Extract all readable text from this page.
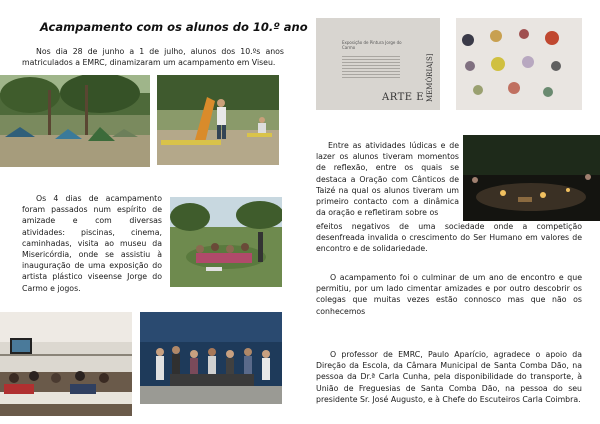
Acampamento com os alunos do 10.º ano
Nos dia 28 de junho a 1 de julho, alunos dos 10.ºs anos matriculados a EMRC, dinamizaram um acampamento em Viseu.
Exposição de Pintura Jorge do Carmo
ARTE E MEMÓRIA[S]
Entre as atividades lúdicas e de lazer os alunos tiveram momentos de reflexão, entre os quais se destaca a Oração com Cânticos de Taizé na qual os alunos tiveram um primeiro contacto com a dinâmica da oração e refletiram sobre os
efeitos negativos de uma sociedade onde a competição desenfreada invalida o crescimento do Ser Humano em valores de encontro e de solidariedade.
Os 4 dias de acampamento foram passados num espírito de amizade e com diversas atividades: piscinas, cinema, caminhadas, visita ao museu da Misericórdia, onde se assistiu à inauguração de uma exposição do artista plástico viseense Jorge do Carmo e jogos.
O acampamento foi o culminar de um ano de encontro e que permitiu, por um lado cimentar amizades e por outro descobrir os colegas que muitas vezes estão connosco mas que não os conhecemos
O professor de EMRC, Paulo Aparício, agradece o apoio da Direção da Escola, da Câmara Municipal de Santa Comba Dão, na pessoa da Dr.ª Carla Cunha, pela disponibilidade do transporte, à União de Freguesias de Santa Comba Dão, na pessoa do seu presidente Sr. José Augusto, e à Chefe do Escuteiros Carla Coimbra.
